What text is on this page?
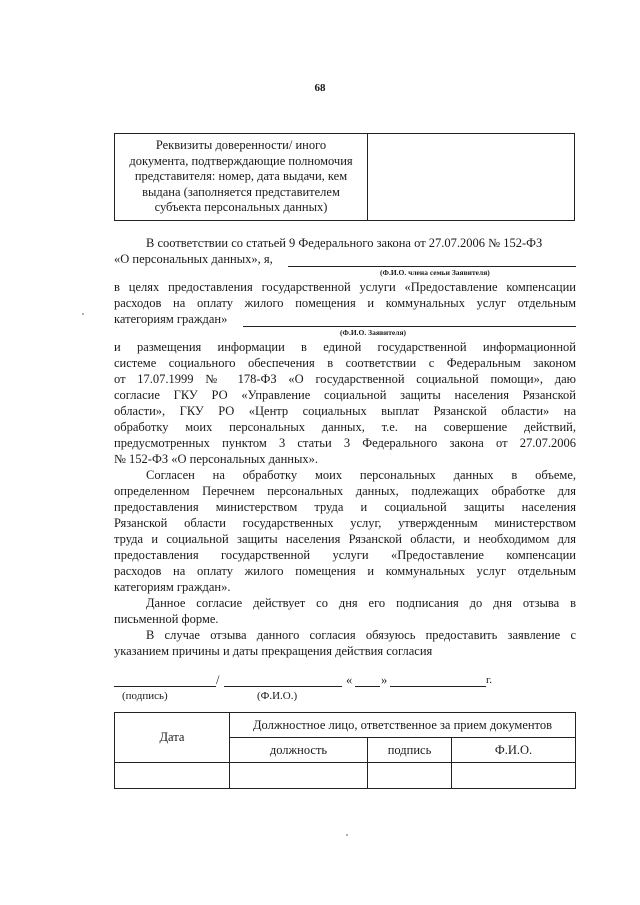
68
Реквизиты доверенности/ иного
документа, подтверждающие полномочия
представителя: номер, дата выдачи, кем
выдана (заполняется представителем
субъекта персональных данных)

В соответствии со статьей 9 Федерального закона от 27.07.2006 № 152-ФЗ
«О персональных данных», я,
(Ф.И.О. члена семьи Заявителя)
в целях предоставления государственной услуги «Предоставление компенсации
расходов на оплату жилого помещения и коммунальных услуг отдельным
категориям граждан»
(Ф.И.О. Заявителя)
и размещения информации в единой государственной информационной
системе социального обеспечения в соответствии с Федеральным законом
от 17.07.1999 № 178-ФЗ «О государственной социальной помощи», даю
согласие ГКУ РО «Управление социальной защиты населения Рязанской
области», ГКУ РО «Центр социальных выплат Рязанской области» на
обработку моих персональных данных, т.е. на совершение действий,
предусмотренных пунктом 3 статьи 3 Федерального закона от 27.07.2006
№ 152-ФЗ «О персональных данных».
Согласен на обработку моих персональных данных в объеме,
определенном Перечнем персональных данных, подлежащих обработке для
предоставления министерством труда и социальной защиты населения
Рязанской области государственных услуг, утвержденным министерством
труда и социальной защиты населения Рязанской области, и необходимом для
предоставления государственной услуги «Предоставление компенсации
расходов на оплату жилого помещения и коммунальных услуг отдельным
категориям граждан».
Данное согласие действует со дня его подписания до дня отзыва в
письменной форме.
В случае отзыва данного согласия обязуюсь предоставить заявление с
указанием причины и даты прекращения действия согласия
/	«	»	г.
(подпись)	(Ф.И.О.)
Дата	Должностное лицо, ответственное за прием документов		
	должность	подпись	Ф.И.О.
